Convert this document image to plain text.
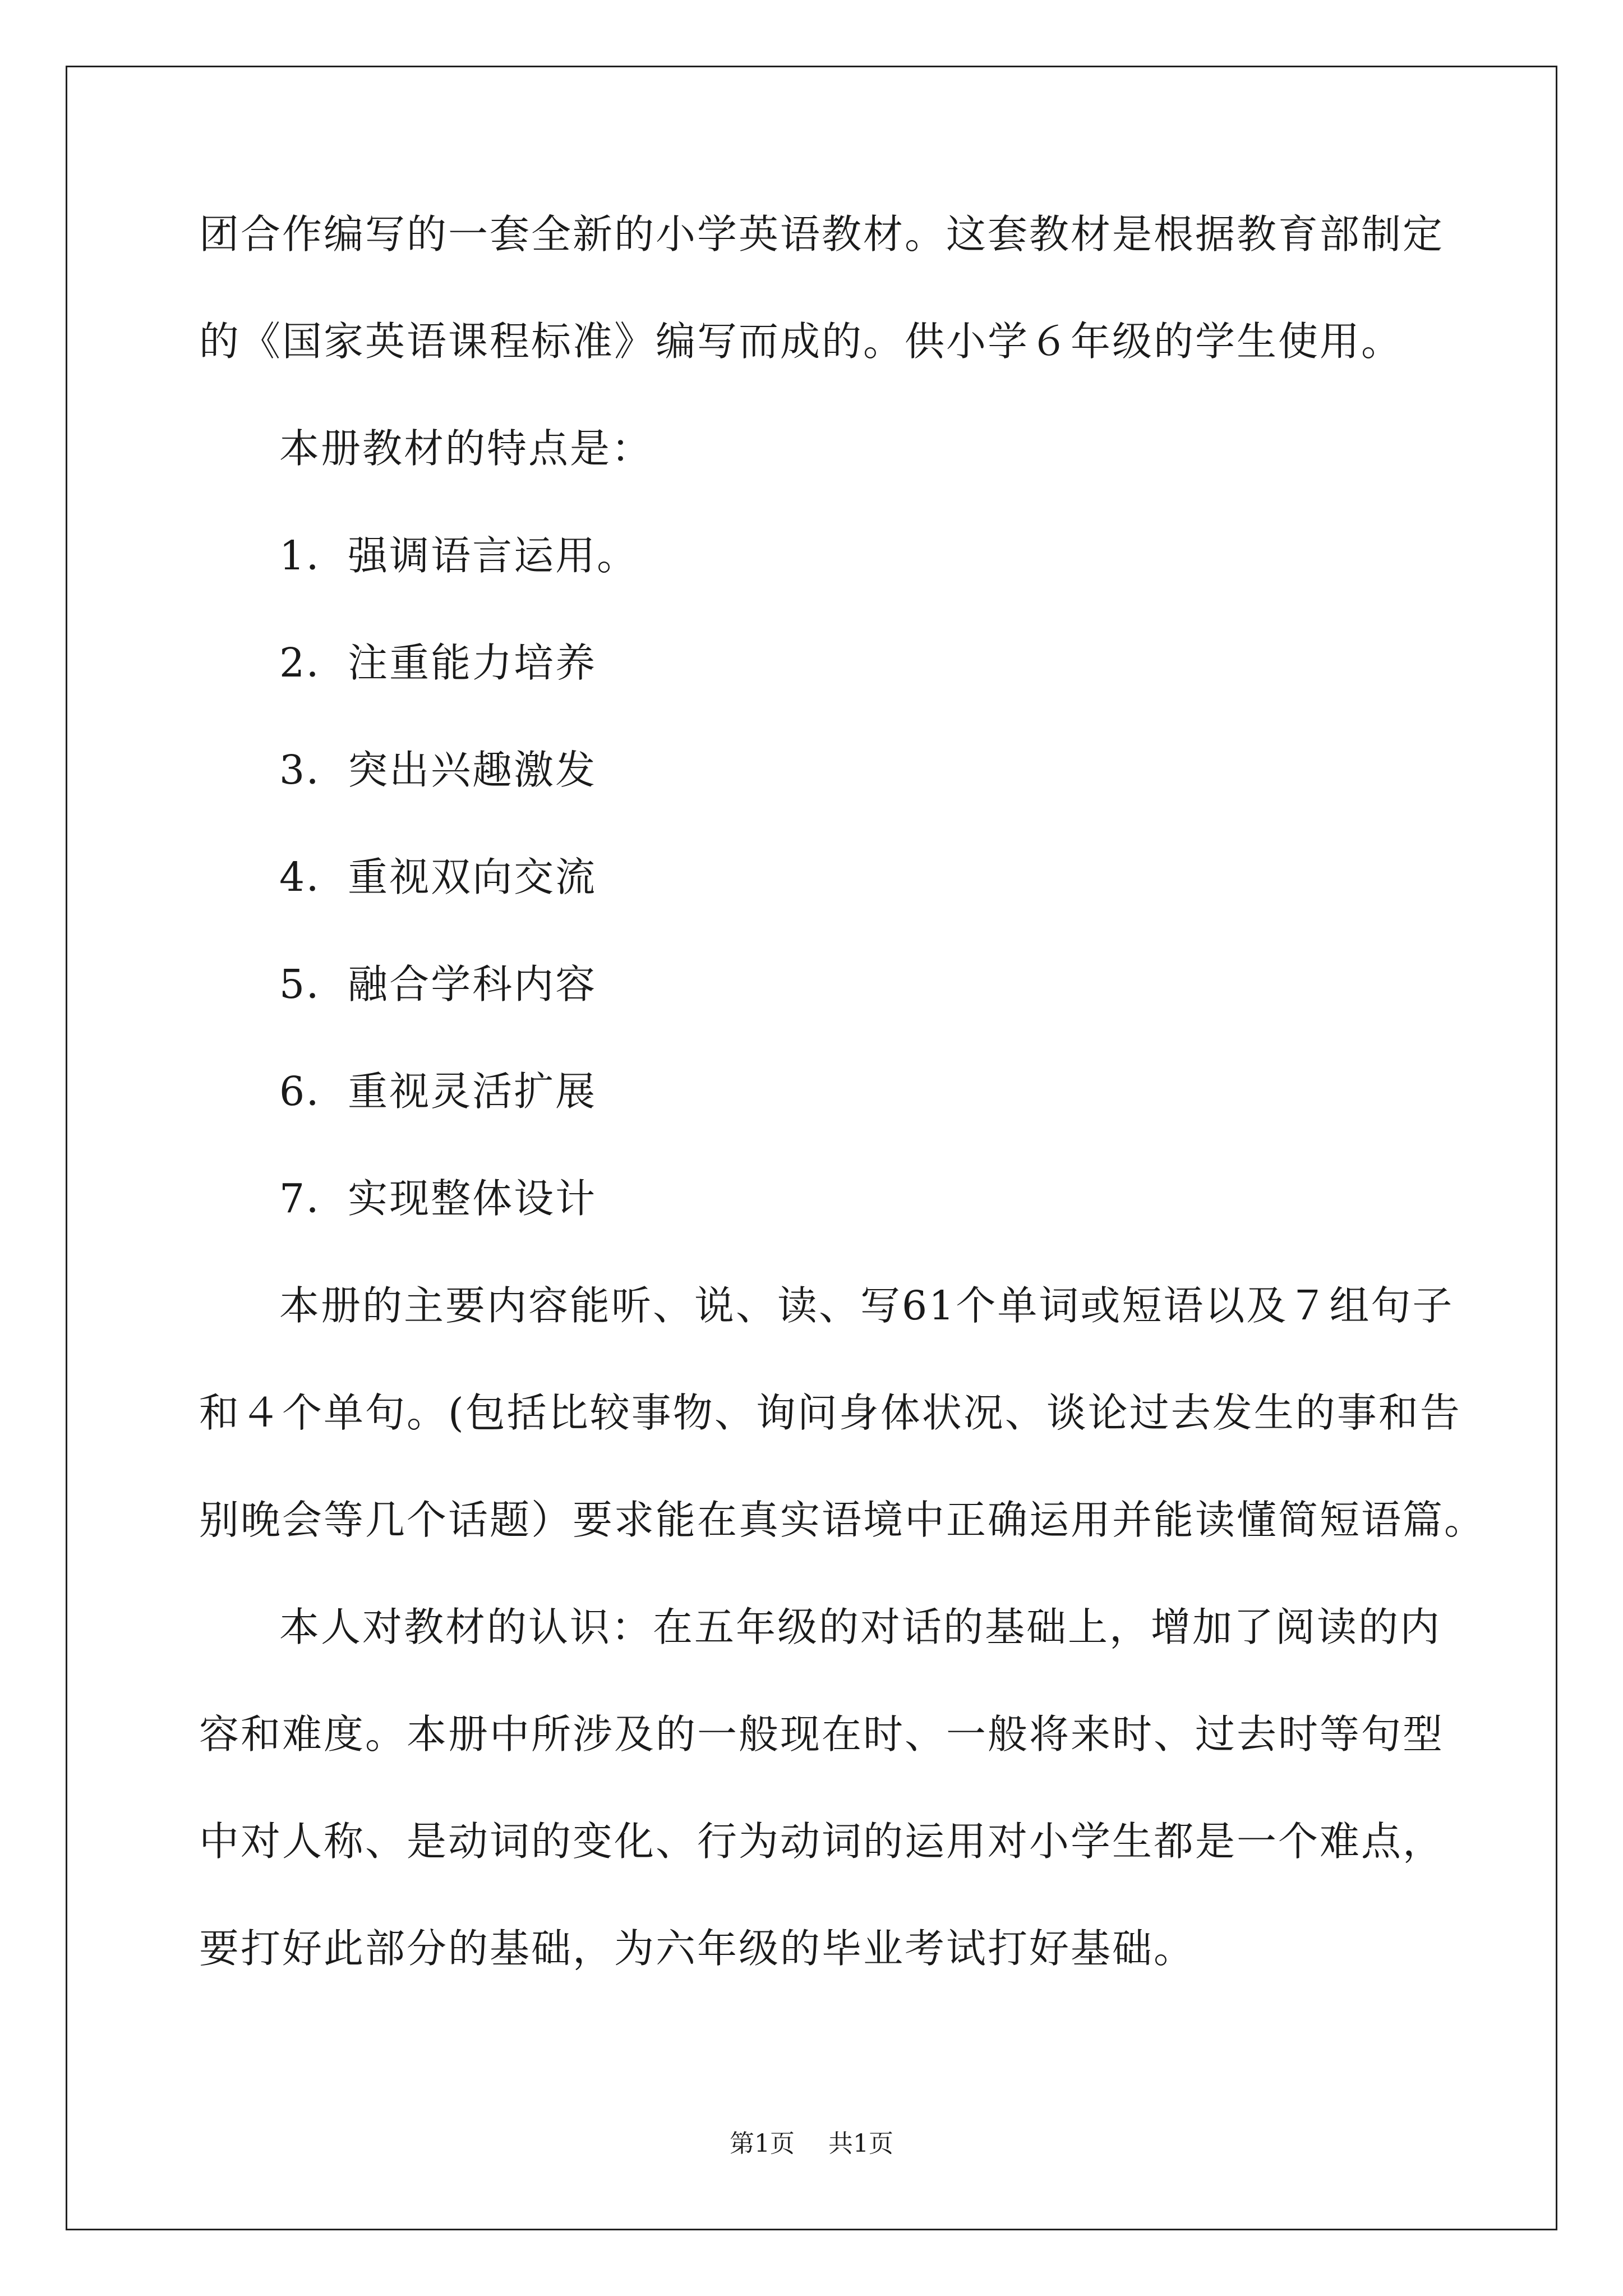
团合作编写的一套全新的小学英语教材。这套教材是根据教育部制定
的《国家英语课程标准》编写而成的。供小学６年级的学生使用。
本册教材的特点是：
1．强调语言运用。
2．注重能力培养
3．突出兴趣激发
4．重视双向交流
5．融合学科内容
6．重视灵活扩展
7．实现整体设计
本册的主要内容能听、说、读、写61个单词或短语以及７组句子
和４个单句。(包括比较事物、询问身体状况、谈论过去发生的事和告
别晚会等几个话题）要求能在真实语境中正确运用并能读懂简短语篇。
本人对教材的认识：在五年级的对话的基础上，增加了阅读的内
容和难度。本册中所涉及的一般现在时、一般将来时、过去时等句型
中对人称、是动词的变化、行为动词的运用对小学生都是一个难点，
要打好此部分的基础，为六年级的毕业考试打好基础。
第1页 共1页
